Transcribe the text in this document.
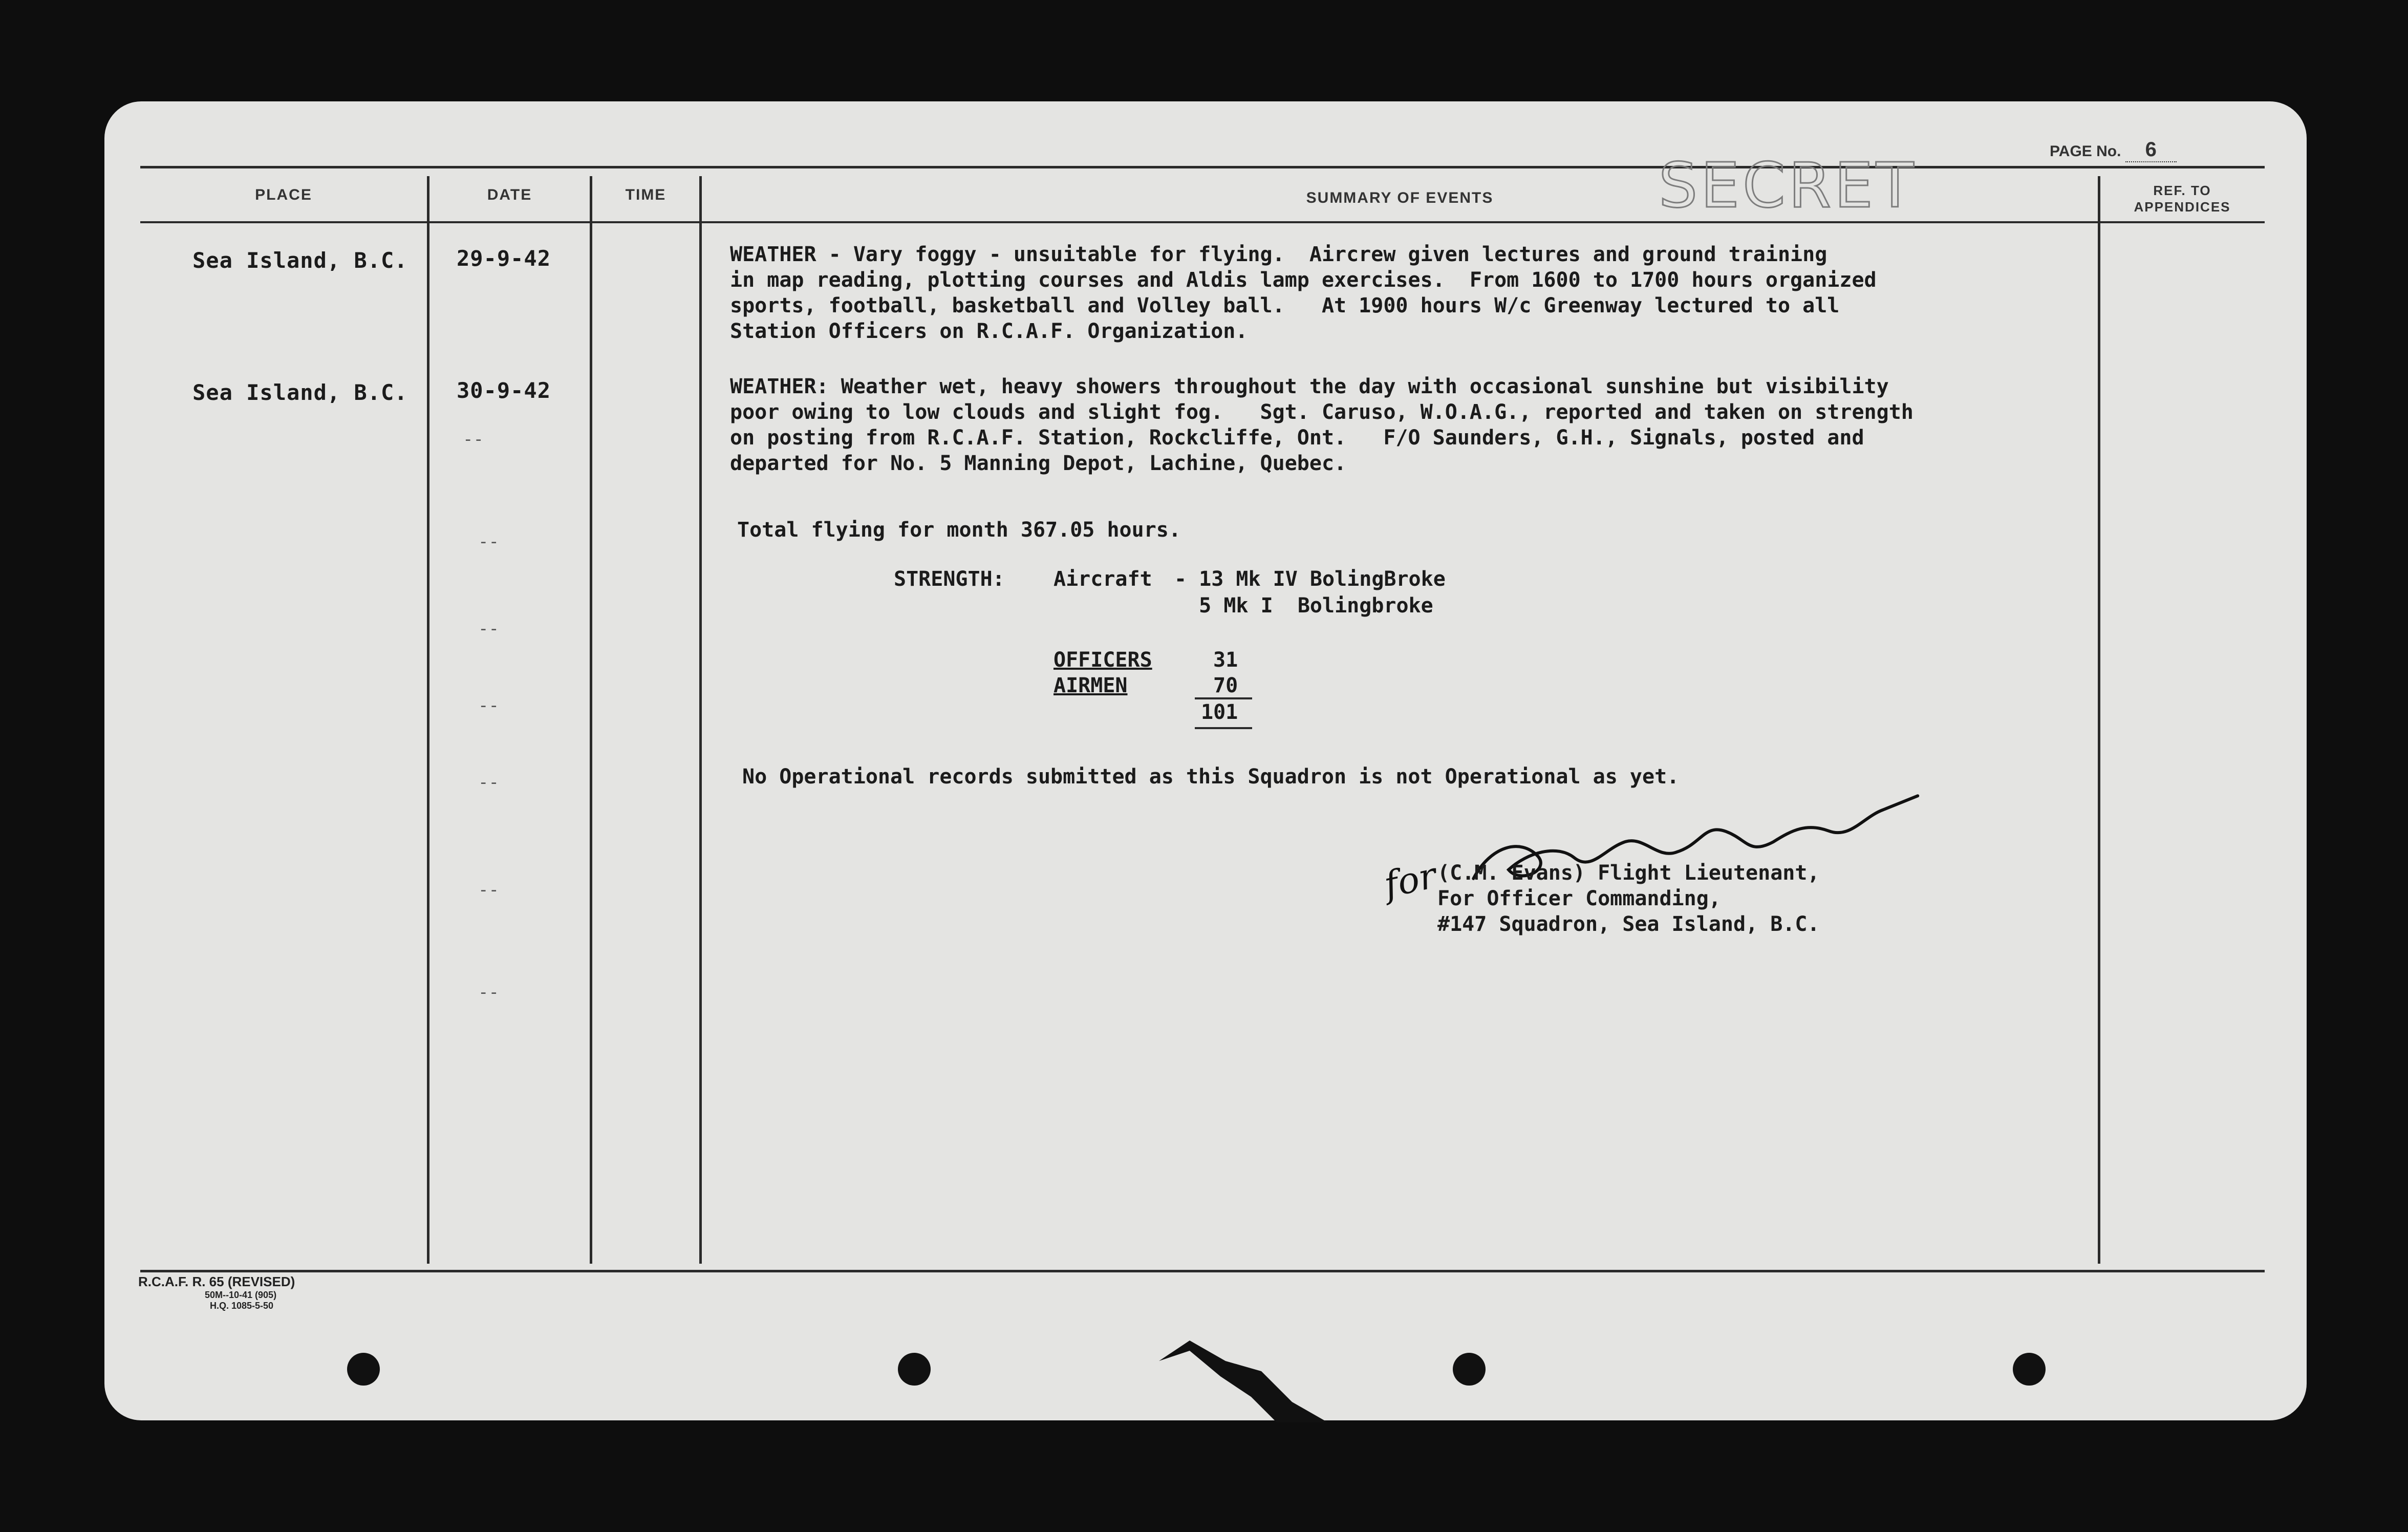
PAGE No. 6
SECRET
PLACE	DATE	TIME	SUMMARY OF EVENTS	REF. TO
APPENDICES
Sea Island, B.C. 29-9-42	WEATHER - Vary foggy - unsuitable for flying.  Aircrew given lectures and ground training
in map reading, plotting courses and Aldis lamp exercises.  From 1600 to 1700 hours organized
sports, football, basketball and Volley ball.   At 1900 hours W/c Greenway lectured to all
Station Officers on R.C.A.F. Organization.
Sea Island, B.C. 30-9-42	WEATHER: Weather wet, heavy showers throughout the day with occasional sunshine but visibility
poor owing to low clouds and slight fog.   Sgt. Caruso, W.O.A.G., reported and taken on strength
on posting from R.C.A.F. Station, Rockcliffe, Ont.   F/O Saunders, G.H., Signals, posted and
departed for No. 5 Manning Depot, Lachine, Quebec.
Total flying for month 367.05 hours.
STRENGTH: Aircraft - 13 Mk IV BolingBroke
5 Mk I  Bolingbroke
OFFICERS	31
AIRMEN	70
101
No Operational records submitted as this Squadron is not Operational as yet.
for
(C.M. Evans) Flight Lieutenant,
For Officer Commanding,
#147 Squadron, Sea Island, B.C.
--
--
--
--
--
--
--
R.C.A.F. R. 65 (REVISED)
50M--10-41 (905)
H.Q. 1085-5-50
